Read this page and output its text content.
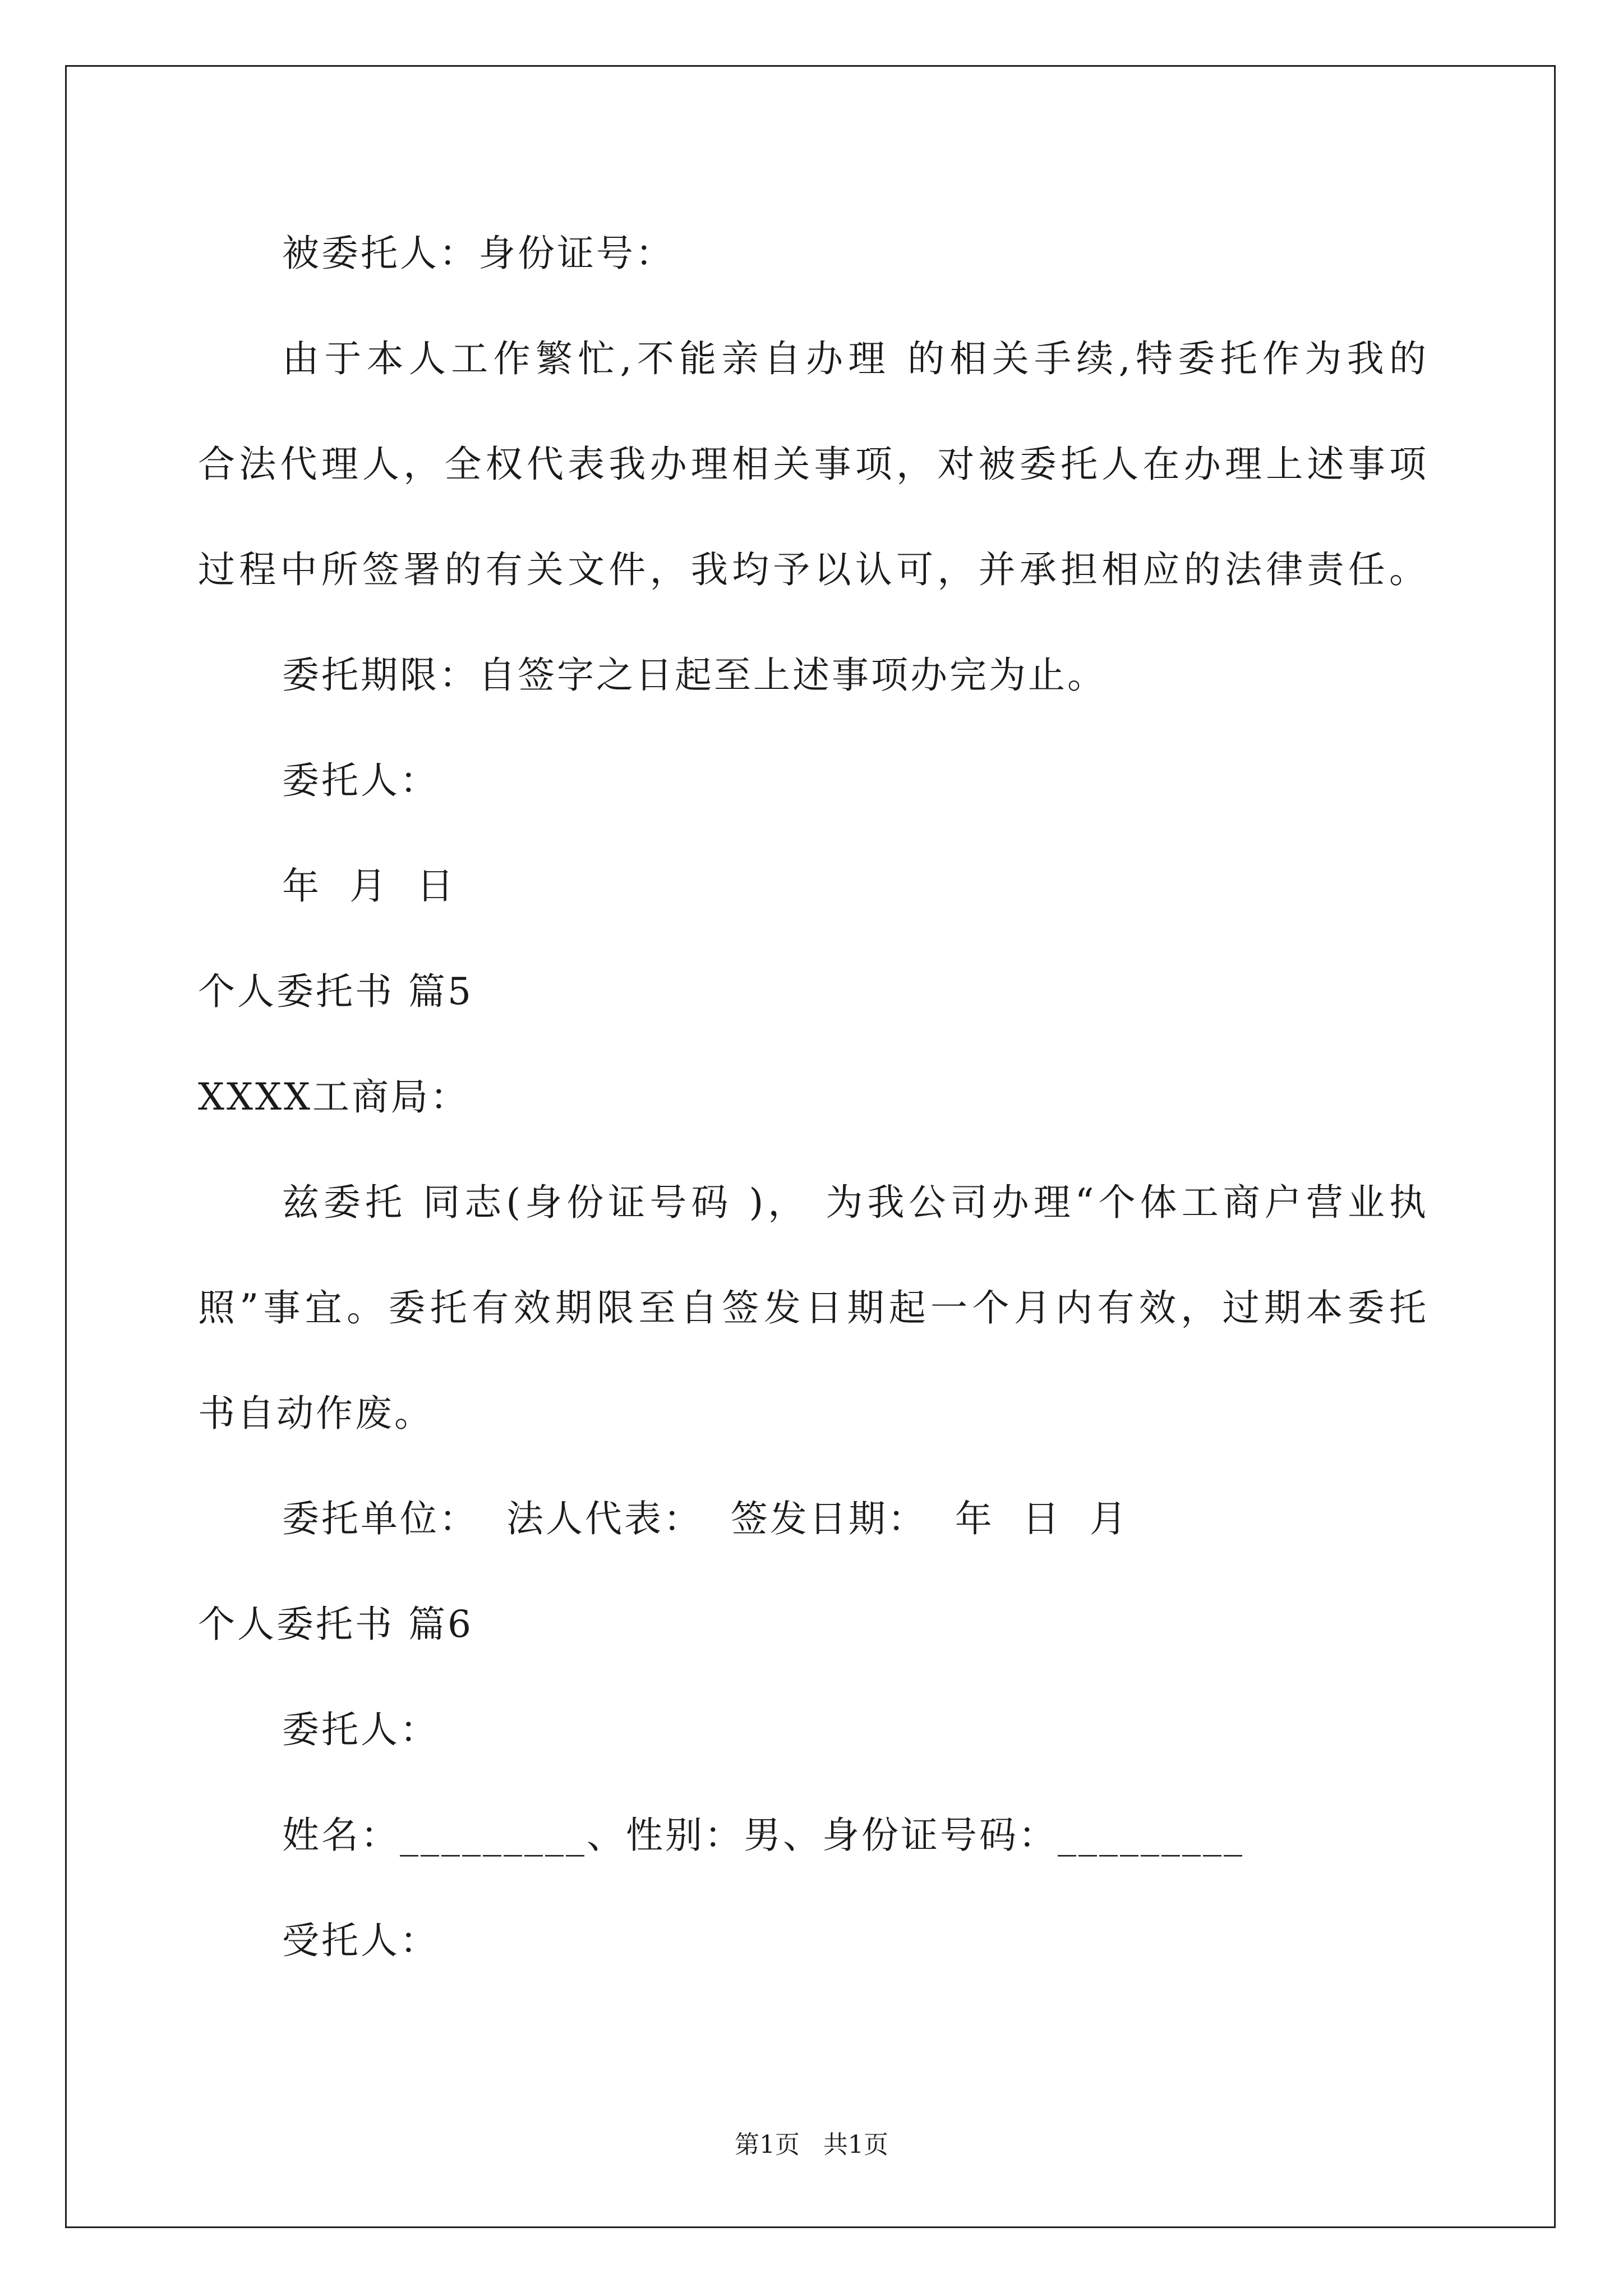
被委托人：身份证号：
由于本人工作繁忙,不能亲自办理 的相关手续,特委托作为我的
合法代理人，全权代表我办理相关事项，对被委托人在办理上述事项
过程中所签署的有关文件，我均予以认可，并承担相应的法律责任。
委托期限：自签字之日起至上述事项办完为止。
委托人：
年  月  日
个人委托书 篇5
XXXX工商局：
兹委托 同志(身份证号码 )， 为我公司办理“个体工商户营业执
照”事宜。委托有效期限至自签发日期起一个月内有效，过期本委托
书自动作废。
委托单位：  法人代表：  签发日期：  年  日  月
个人委托书 篇6
委托人：
姓名：_________、性别：男、身份证号码：_________
受托人：
第1页   共1页
